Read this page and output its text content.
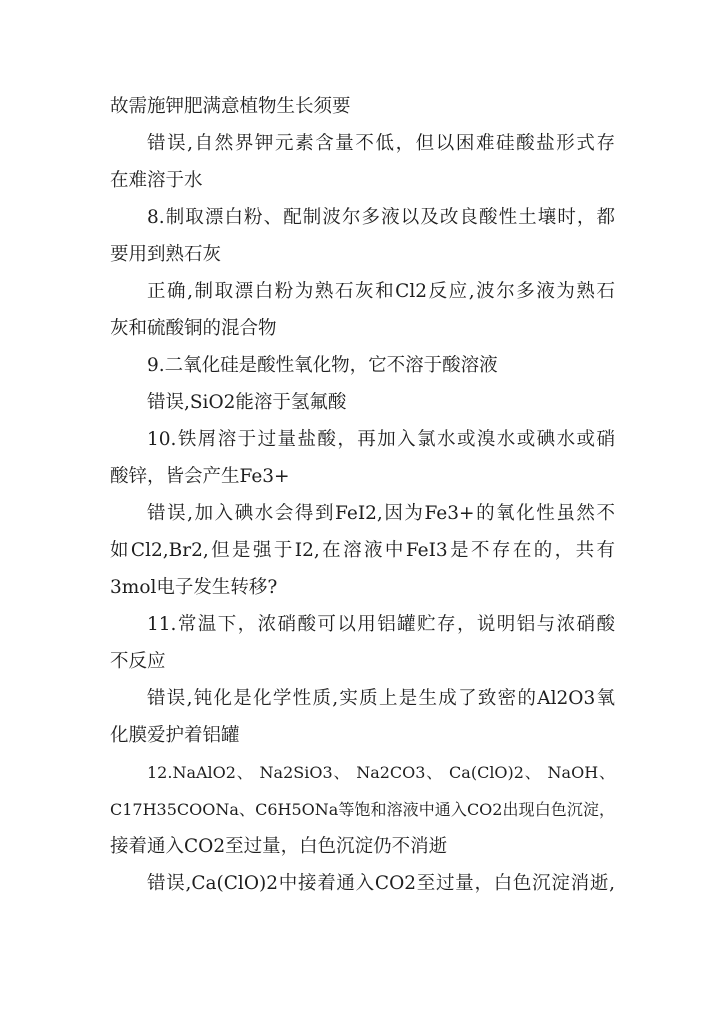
故需施钾肥满意植物生长须要
错误,自然界钾元素含量不低，但以困难硅酸盐形式存
在难溶于水
8.制取漂白粉、配制波尔多液以及改良酸性土壤时，都
要用到熟石灰
正确,制取漂白粉为熟石灰和Cl2反应,波尔多液为熟石
灰和硫酸铜的混合物
9.二氧化硅是酸性氧化物，它不溶于酸溶液
错误,SiO2能溶于氢氟酸
10.铁屑溶于过量盐酸，再加入氯水或溴水或碘水或硝
酸锌，皆会产生Fe3+
错误,加入碘水会得到FeI2,因为Fe3+的氧化性虽然不
如Cl2,Br2,但是强于I2,在溶液中FeI3是不存在的，共有
3mol电子发生转移?
11.常温下，浓硝酸可以用铝罐贮存，说明铝与浓硝酸
不反应
错误,钝化是化学性质,实质上是生成了致密的Al2O3氧
化膜爱护着铝罐
12.NaAlO2、 Na2SiO3、 Na2CO3、 Ca(ClO)2、 NaOH、
C17H35COONa、C6H5ONa等饱和溶液中通入CO2出现白色沉淀，
接着通入CO2至过量，白色沉淀仍不消逝
错误,Ca(ClO)2中接着通入CO2至过量，白色沉淀消逝,
